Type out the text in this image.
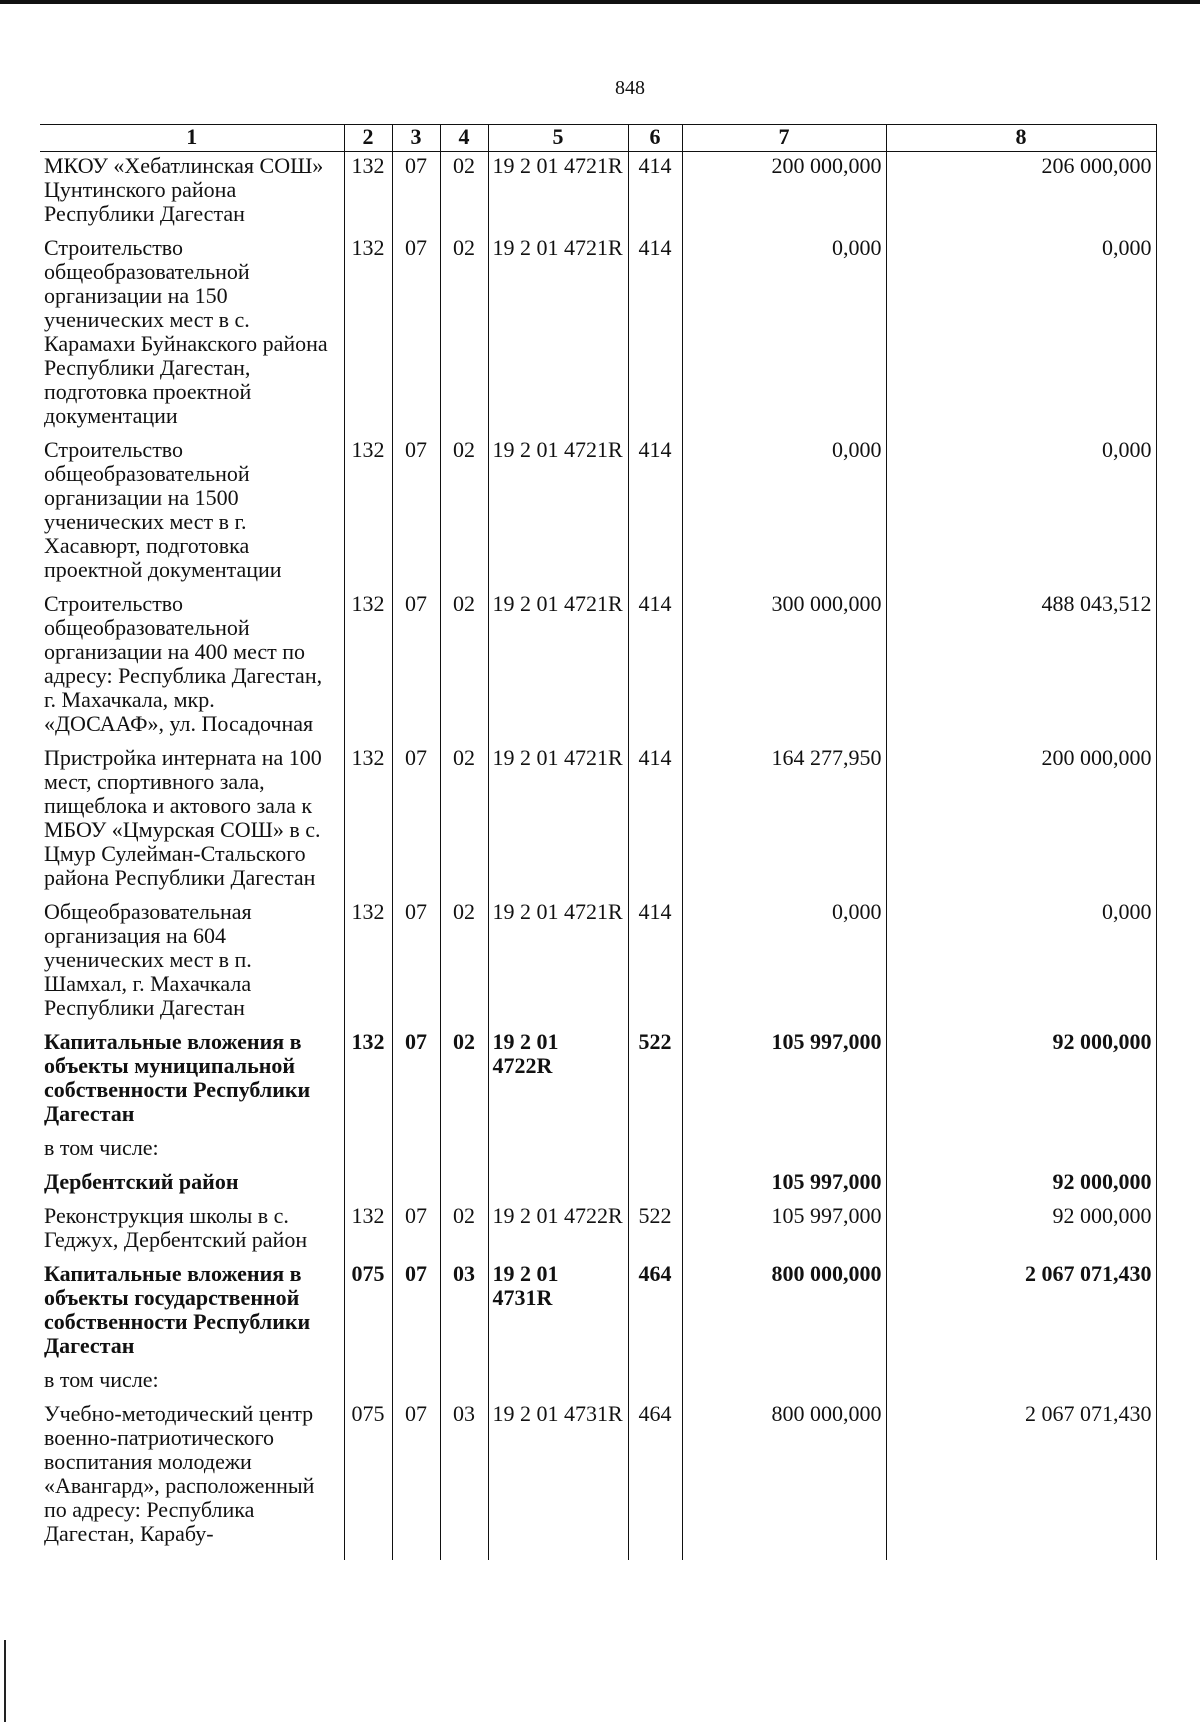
848
1	2	3	4	5	6	7	8
МКОУ «Хебатлинская СОШ» Цунтинского района Республики Дагестан	132	07	02	19 2 01 4721R	414	200 000,000	206 000,000
Строительство общеобразовательной организации на 150 ученических мест в с. Карамахи Буйнакского района Республики Дагестан, подготовка проектной документации	132	07	02	19 2 01 4721R	414	0,000	0,000
Строительство общеобразовательной организации на 1500 ученических мест в г. Хасавюрт, подготовка проектной документации	132	07	02	19 2 01 4721R	414	0,000	0,000
Строительство общеобразовательной организации на 400 мест по адресу: Республика Дагестан, г. Махачкала, мкр. «ДОСААФ», ул. Посадочная	132	07	02	19 2 01 4721R	414	300 000,000	488 043,512
Пристройка интерната на 100 мест, спортивного зала, пищеблока и актового зала к МБОУ «Цмурская СОШ» в с. Цмур Сулейман-Стальского района Республики Дагестан	132	07	02	19 2 01 4721R	414	164 277,950	200 000,000
Общеобразовательная организация на 604 ученических мест в п. Шамхал, г. Махачкала Республики Дагестан	132	07	02	19 2 01 4721R	414	0,000	0,000
Капитальные вложения в объекты муниципальной собственности Республики Дагестан	132	07	02	19 2 01 4722R	522	105 997,000	92 000,000
в том числе:							
Дербентский район						105 997,000	92 000,000
Реконструкция школы в с. Геджух, Дербентский район	132	07	02	19 2 01 4722R	522	105 997,000	92 000,000
Капитальные вложения в объекты государственной собственности Республики Дагестан	075	07	03	19 2 01 4731R	464	800 000,000	2 067 071,430
в том числе:							
Учебно-методический центр военно-патриотического воспитания молодежи «Авангард», расположенный по адресу: Республика Дагестан, Карабу-	075	07	03	19 2 01 4731R	464	800 000,000	2 067 071,430
